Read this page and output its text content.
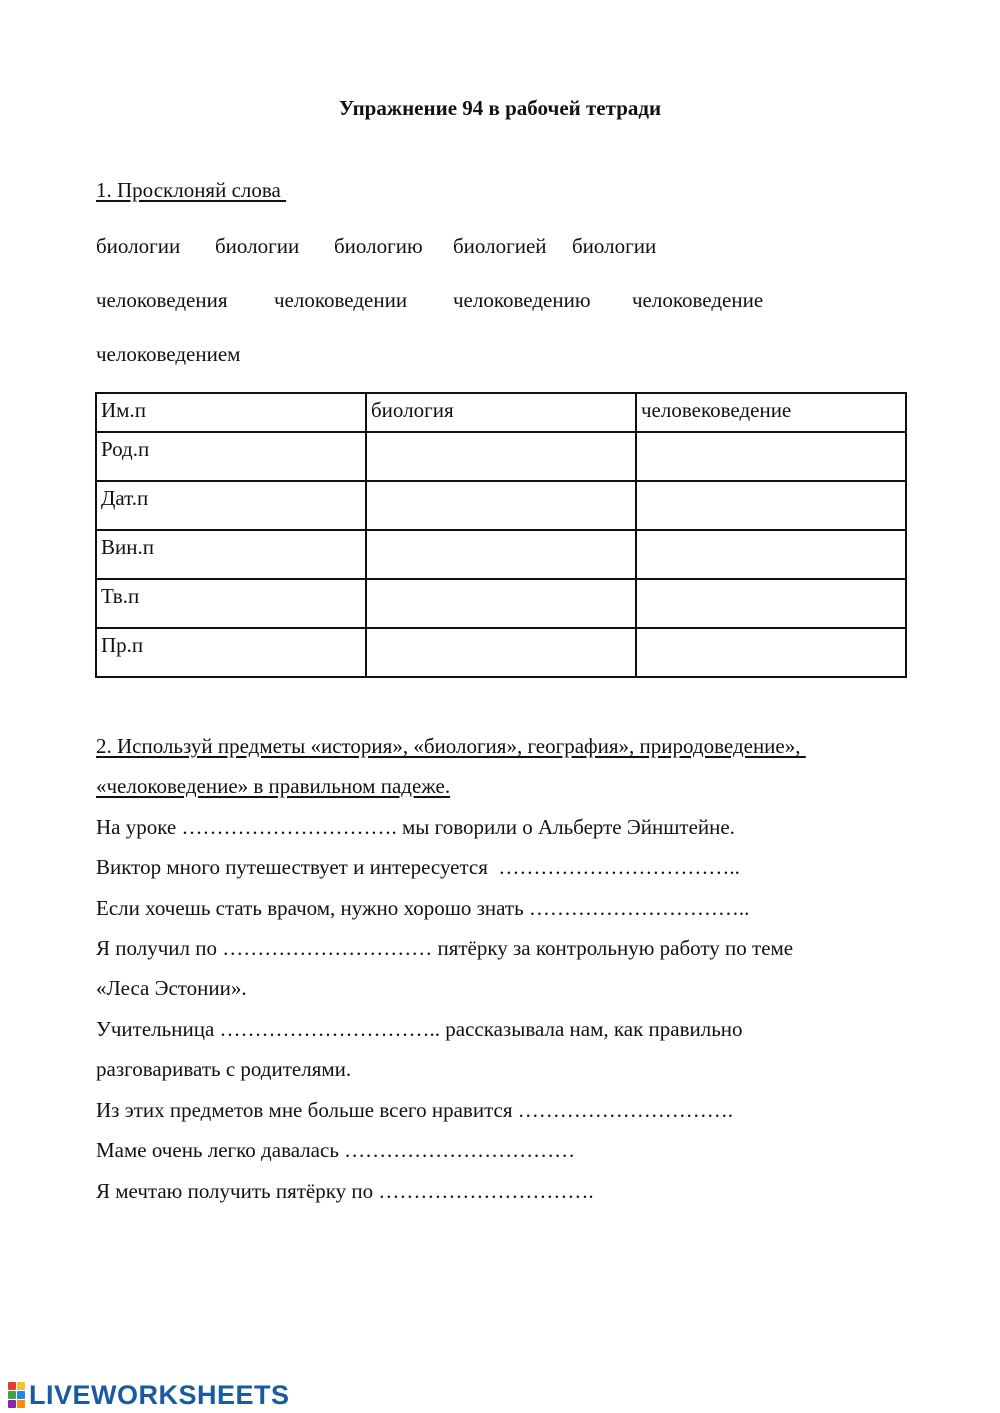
Упражнение 94 в рабочей тетради
1. Просклоняй слова
биологии биологии биологию биологией биологии
челоковедения челоковедении челоковедению челоковедение
челоковедением
Им.п	биология	человековедение
Род.п		
Дат.п		
Вин.п		
Тв.п		
Пр.п		
2. Используй предметы «история», «биология», география», природоведение»,
«челоковедение» в правильном падеже.
На уроке …………………………. мы говорили о Альберте Эйнштейне.
Виктор много путешествует и интересуется  ……………………………..
Если хочешь стать врачом, нужно хорошо знать …………………………..
Я получил по ………………………… пятёрку за контрольную работу по теме
«Леса Эстонии».
Учительница ………………………….. рассказывала нам, как правильно
разговаривать с родителями.
Из этих предметов мне больше всего нравится ………………………….
Маме очень легко давалась ……………………………
Я мечтаю получить пятёрку по ………………………….
LIVEWORKSHEETS
